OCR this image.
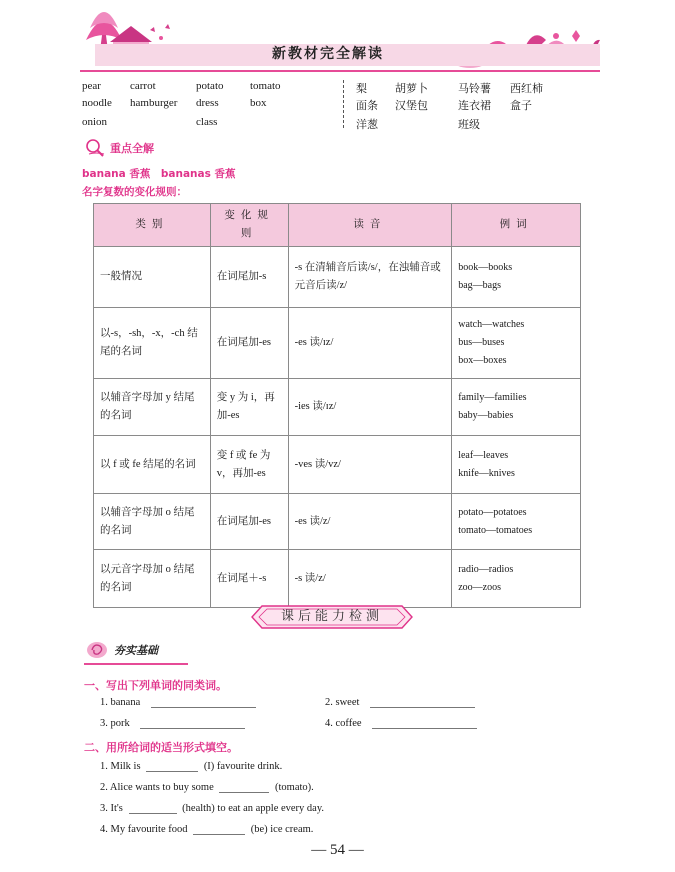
新教材完全解读
pear	carrot	potato tomato
noodle hamburger dress	box
onion	class
梨	胡萝卜	马铃薯 西红柿
面条 汉堡包	连衣裙 盒子
洋葱	班级
重点全解
banana 香蕉　bananas 香蕉
名字复数的变化规则：
类别	变化规则	读音	例词
一般情况	在词尾加-s	-s 在清辅音后读/s/，在浊辅音或元音后读/z/	book—books
bag—bags

以-s，-sh，-x，-ch 结尾的名词	在词尾加-es	-es 读/ɪz/	watch—watches
bus—buses
box—boxes

以辅音字母加 y 结尾的名词	变 y 为 i，再加-es	-ies 读/ɪz/	family—families
baby—babies

以 f 或 fe 结尾的名词	变 f 或 fe 为 v，再加-es	-ves 读/vz/	leaf—leaves
knife—knives

以辅音字母加 o 结尾的名词	在词尾加-es	-es 读/z/	potato—potatoes
tomato—tomatoes

以元音字母加 o 结尾的名词	在词尾＋-s	-s 读/z/	radio—radios
zoo—zoos
课后能力检测
夯实基础
一、写出下列单词的同类词。
1. banana	2. sweet
3. pork	4. coffee
二、用所给词的适当形式填空。
1. Milk is	(I) favourite drink.
2. Alice wants to buy some	(tomato).
3. It's	(health) to eat an apple every day.
4. My favourite food	(be) ice cream.
— 54 —
